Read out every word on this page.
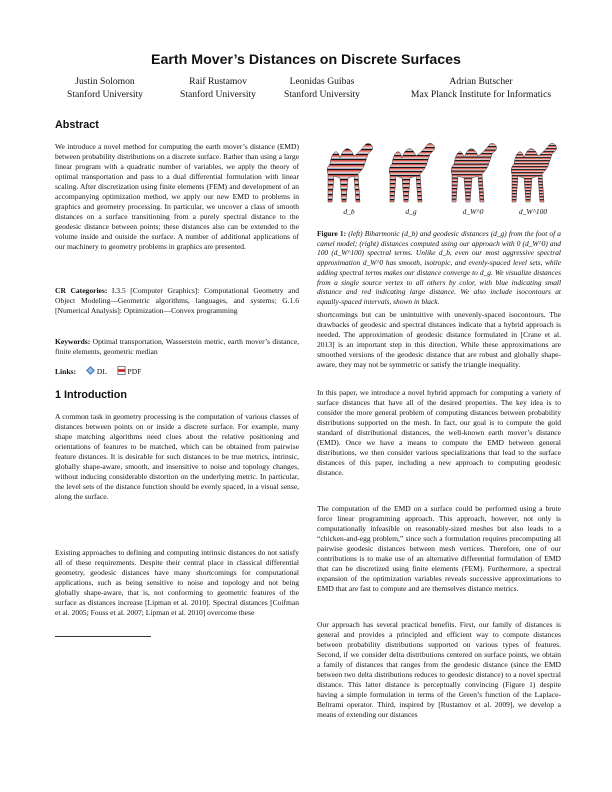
Earth Mover’s Distances on Discrete Surfaces
Justin Solomon
Stanford University
Raif Rustamov
Stanford University
Leonidas Guibas
Stanford University
Adrian Butscher
Max Planck Institute for Informatics
Abstract

We introduce a novel method for computing the earth mover’s distance (EMD) between probability distributions on a discrete surface. Rather than using a large linear program with a quadratic number of variables, we apply the theory of optimal transportation and pass to a dual differential formulation with linear scaling. After discretization using finite elements (FEM) and development of an accompanying optimization method, we apply our new EMD to problems in graphics and geometry processing. In particular, we uncover a class of smooth distances on a surface transitioning from a purely spectral distance to the geodesic distance between points; these distances also can be extended to the volume inside and outside the surface. A number of additional applications of our machinery to geometry problems in graphics are presented.

CR Categories: I.3.5 [Computer Graphics]: Computational Geometry and Object Modeling—Geometric algorithms, languages, and systems; G.1.6 [Numerical Analysis]: Optimization—Convex programming

Keywords: Optimal transportation, Wasserstein metric, earth mover’s distance, finite elements, geometric median

Links:	DL	PDF

1 Introduction

A common task in geometry processing is the computation of various classes of distances between points on or inside a discrete surface. For example, many shape matching algorithms need clues about the relative positioning and orientations of features to be matched, which can be obtained from pairwise feature distances. It is desirable for such distances to be true metrics, intrinsic, globally shape-aware, smooth, and insensitive to noise and topology changes, without inducing considerable distortion on the underlying metric. In particular, the level sets of the distance function should be evenly spaced, in a visual sense, along the surface.

Existing approaches to defining and computing intrinsic distances do not satisfy all of these requirements. Despite their central place in classical differential geometry, geodesic distances have many shortcomings for computational applications, such as being sensitive to noise and topology and not being globally shape-aware, that is, not conforming to geometric features of the surface as distances increase [Lipman et al. 2010]. Spectral distances [Coifman et al. 2005; Fouss et al. 2007; Lipman et al. 2010] overcome these

d_b	d_g	d_W^0	d_W^100

Figure 1: (left) Biharmonic (d_b) and geodesic distances (d_g) from the foot of a camel model; (right) distances computed using our approach with 0 (d_W^0) and 100 (d_W^100) spectral terms. Unlike d_b, even our most aggressive spectral approximation d_W^0 has smooth, isotropic, and evenly-spaced level sets, while adding spectral terms makes our distance converge to d_g. We visualize distances from a single source vertex to all others by color, with blue indicating small distance and red indicating large distance. We also include isocontours at equally-spaced intervals, shown in black.

shortcomings but can be unintuitive with unevenly-spaced isocontours. The drawbacks of geodesic and spectral distances indicate that a hybrid approach is needed. The approximation of geodesic distance formulated in [Crane et al. 2013] is an important step in this direction. While these approximations are smoothed versions of the geodesic distance that are robust and globally shape-aware, they may not be symmetric or satisfy the triangle inequality.

In this paper, we introduce a novel hybrid approach for computing a variety of surface distances that have all of the desired properties. The key idea is to consider the more general problem of computing distances between probability distributions supported on the mesh. In fact, our goal is to compute the gold standard of distributional distances, the well-known earth mover’s distance (EMD). Once we have a means to compute the EMD between general distributions, we then consider various specializations that lead to the surface distances of this paper, including a new approach to computing geodesic distance.

The computation of the EMD on a surface could be performed using a brute force linear programming approach. This approach, however, not only is computationally infeasible on reasonably-sized meshes but also leads to a “chicken-and-egg problem,” since such a formulation requires precomputing all pairwise geodesic distances between mesh vertices. Therefore, one of our contributions is to make use of an alternative differential formulation of EMD that can be discretized using finite elements (FEM). Furthermore, a spectral expansion of the optimization variables reveals successive approximations to EMD that are fast to compute and are themselves distance metrics.

Our approach has several practical benefits. First, our family of distances is general and provides a principled and efficient way to compute distances between probability distributions supported on various types of features. Second, if we consider delta distributions centered on surface points, we obtain a family of distances that ranges from the geodesic distance (since the EMD between two delta distributions reduces to geodesic distance) to a novel spectral distance. This latter distance is perceptually convincing (Figure 1) despite having a simple formulation in terms of the Green’s function of the Laplace-Beltrami operator. Third, inspired by [Rustamov et al. 2009], we develop a means of extending our distances
